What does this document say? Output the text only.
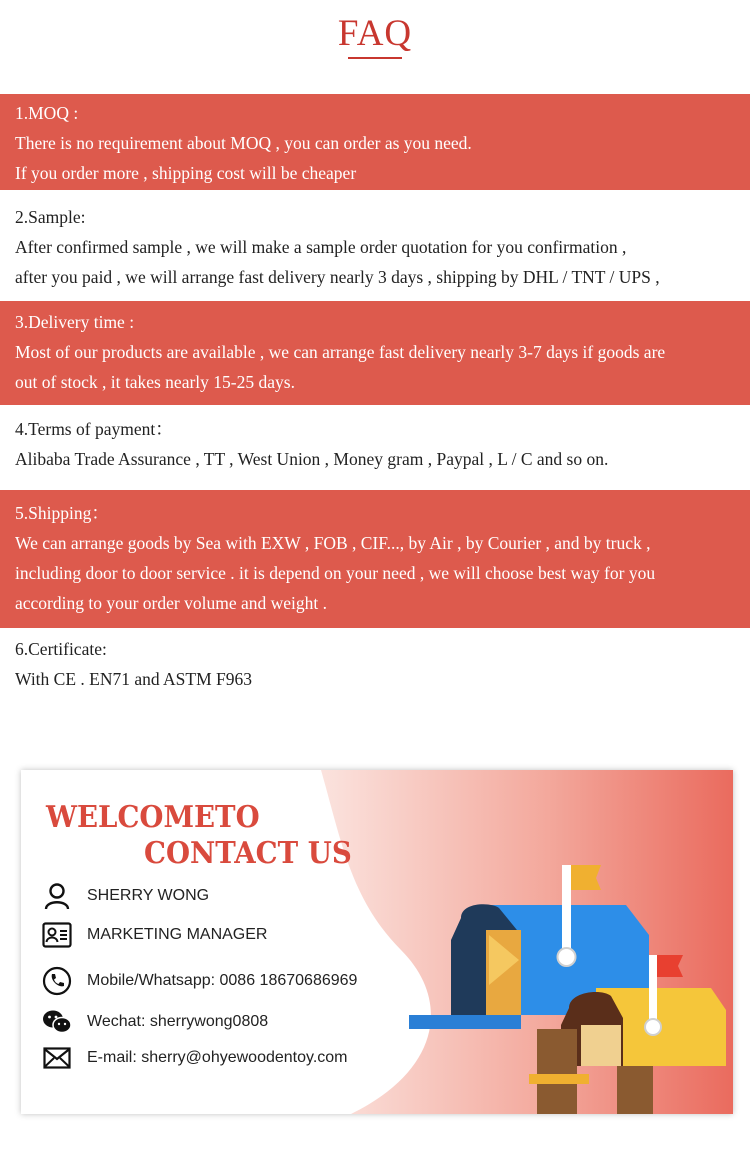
FAQ
1.MOQ :
There is no requirement about MOQ , you can order as you need.
If you order more , shipping cost will be cheaper
2.Sample:
After confirmed sample , we will make a sample order quotation for you confirmation ,
after you paid , we will arrange fast delivery nearly 3 days , shipping by DHL / TNT / UPS ,
3.Delivery time :
Most of our products are available , we can arrange fast delivery nearly 3-7 days if goods are
out of stock , it takes nearly 15-25 days.
4.Terms of payment：
Alibaba Trade Assurance , TT , West Union , Money gram , Paypal , L / C and so on.
5.Shipping：
We can arrange goods by Sea with EXW , FOB , CIF..., by Air , by Courier , and by truck ,
including door to door service . it is depend on your need , we will choose best way for you
according to your order volume and weight .
6.Certificate:
With CE . EN71 and ASTM F963
WELCOMETO
CONTACT US
SHERRY WONG
MARKETING MANAGER
Mobile/Whatsapp: 0086 18670686969
Wechat: sherrywong0808
E-mail: sherry@ohyewoodentoy.com
